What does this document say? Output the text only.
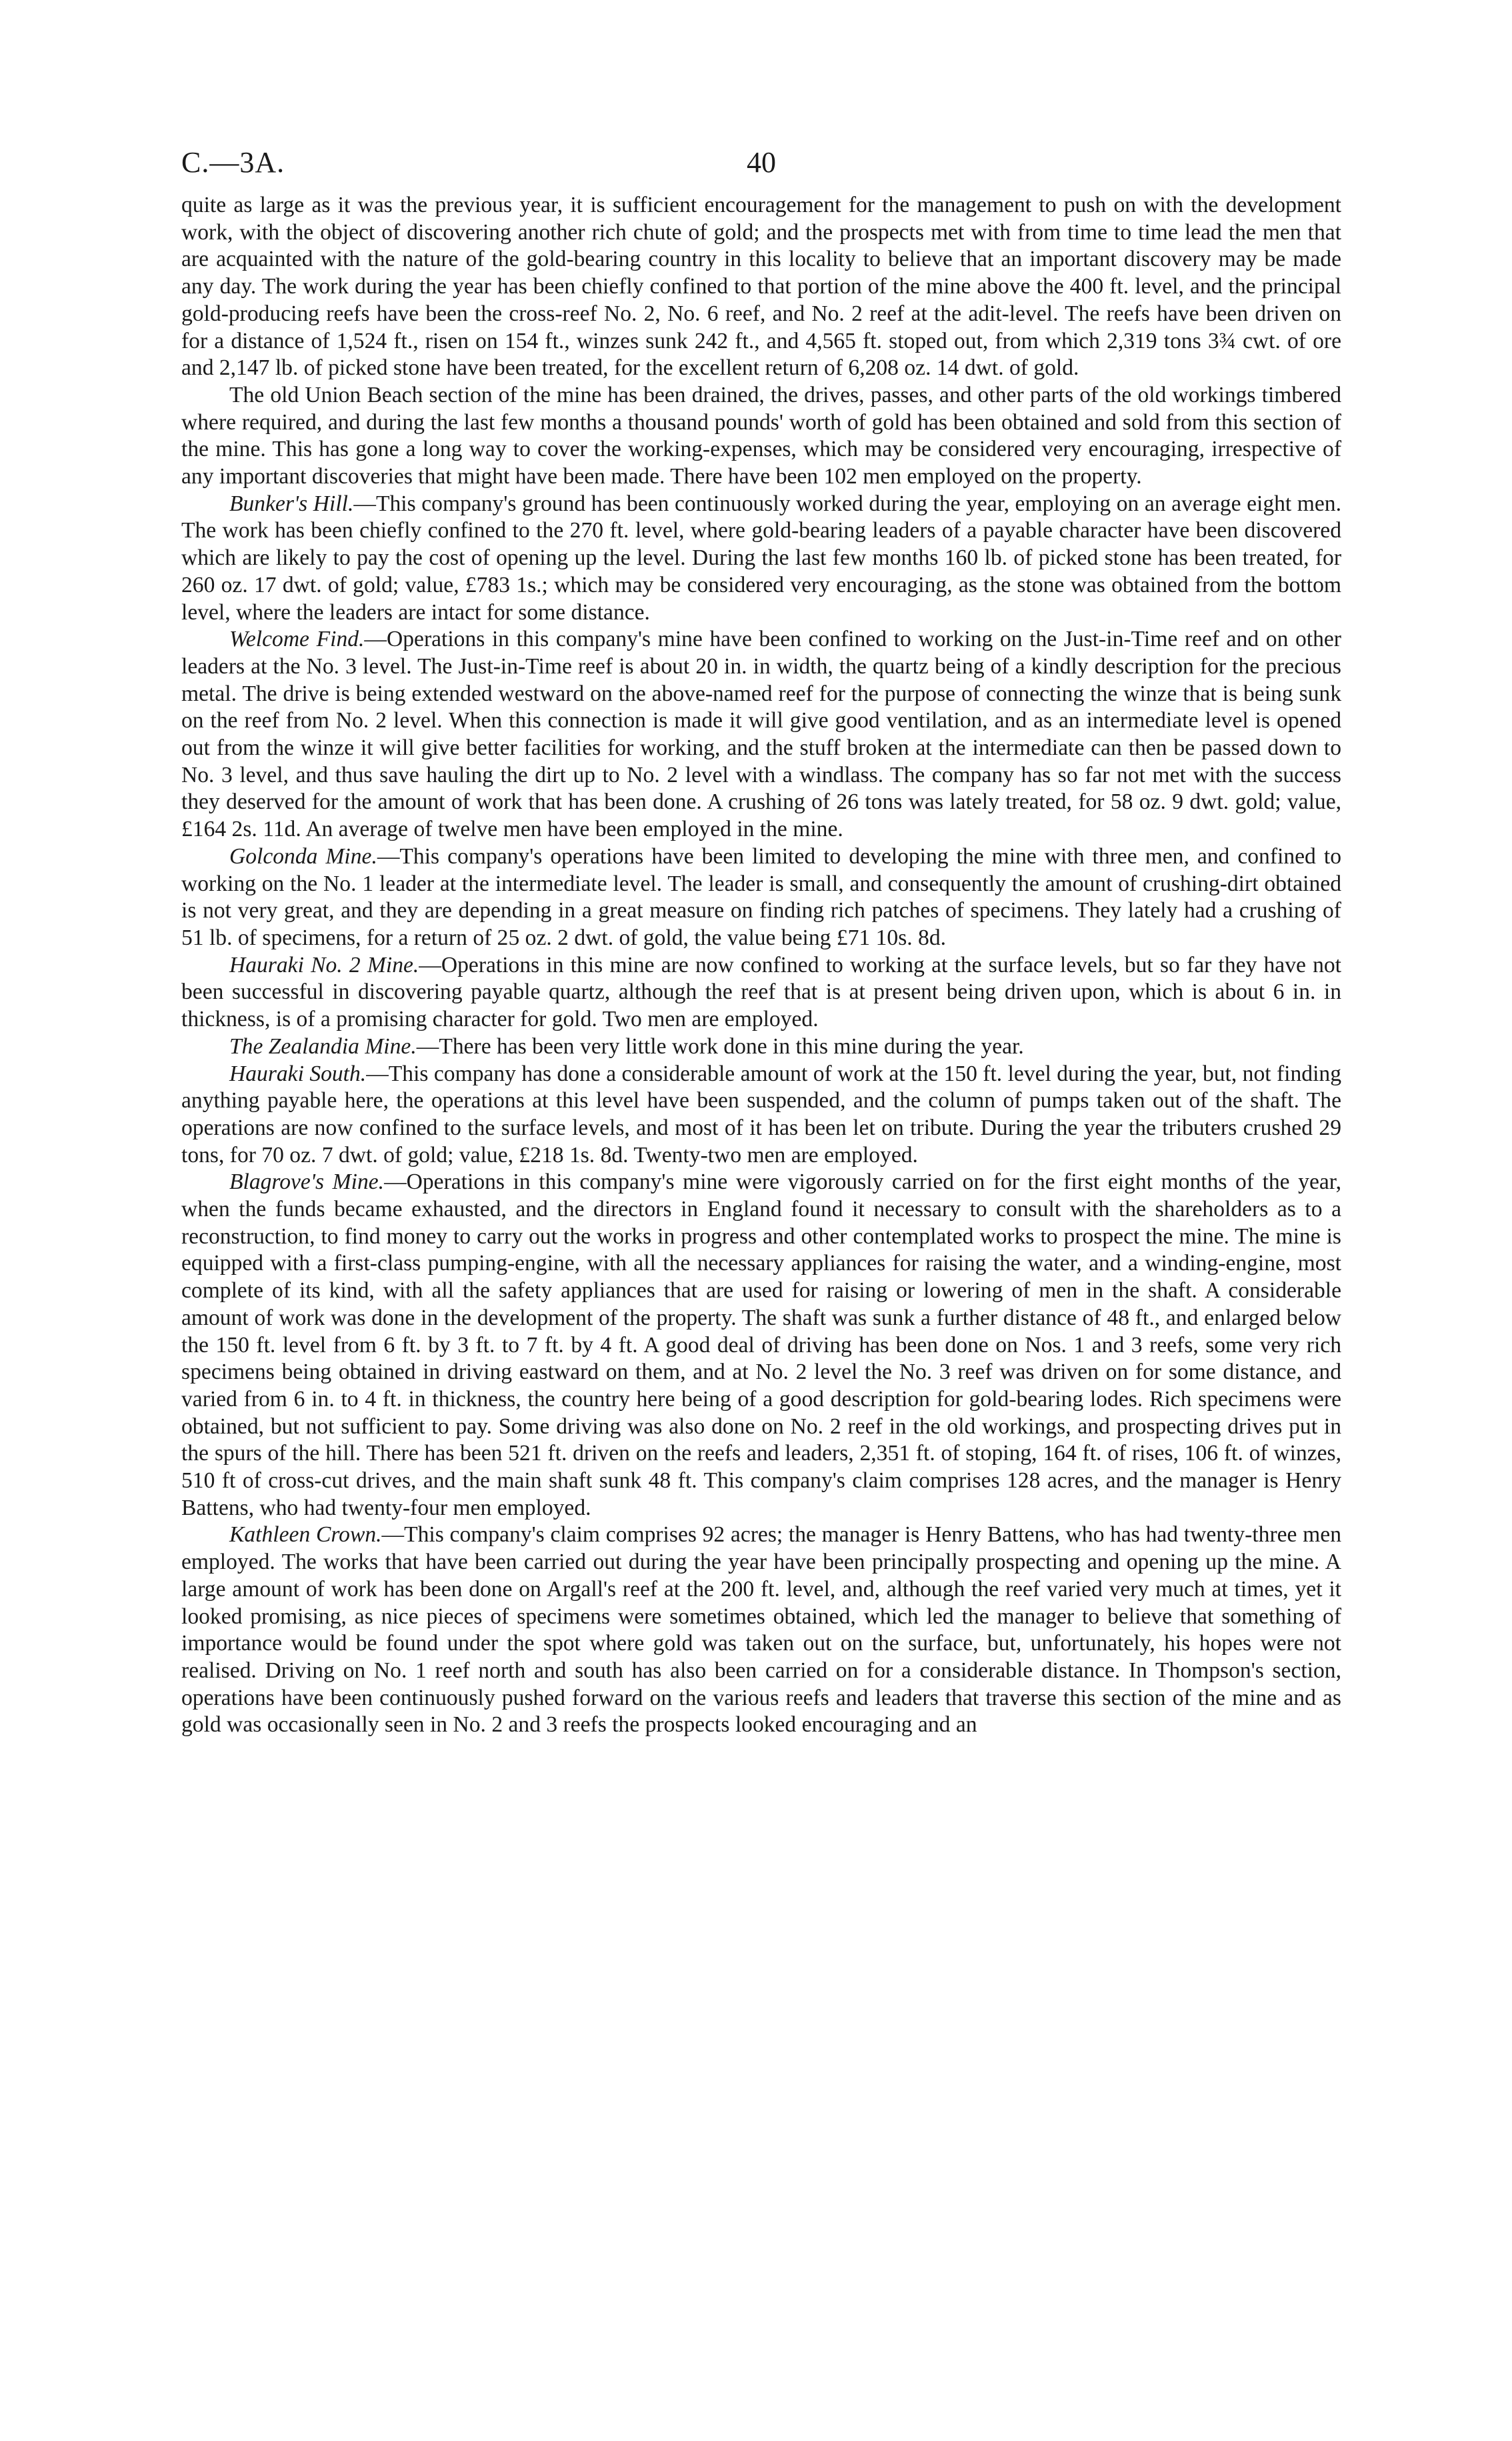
C.—3A.	40

quite as large as it was the previous year, it is sufficient encouragement for the management to push on with the development work, with the object of discovering another rich chute of gold; and the prospects met with from time to time lead the men that are acquainted with the nature of the gold-bearing country in this locality to believe that an important discovery may be made any day. The work during the year has been chiefly confined to that portion of the mine above the 400 ft. level, and the principal gold-producing reefs have been the cross-reef No. 2, No. 6 reef, and No. 2 reef at the adit-level. The reefs have been driven on for a distance of 1,524 ft., risen on 154 ft., winzes sunk 242 ft., and 4,565 ft. stoped out, from which 2,319 tons 3¾ cwt. of ore and 2,147 lb. of picked stone have been treated, for the excellent return of 6,208 oz. 14 dwt. of gold.

The old Union Beach section of the mine has been drained, the drives, passes, and other parts of the old workings timbered where required, and during the last few months a thousand pounds' worth of gold has been obtained and sold from this section of the mine. This has gone a long way to cover the working-expenses, which may be considered very encouraging, irrespective of any important discoveries that might have been made. There have been 102 men employed on the property.

Bunker's Hill.—This company's ground has been continuously worked during the year, employing on an average eight men. The work has been chiefly confined to the 270 ft. level, where gold-bearing leaders of a payable character have been discovered which are likely to pay the cost of opening up the level. During the last few months 160 lb. of picked stone has been treated, for 260 oz. 17 dwt. of gold; value, £783 1s.; which may be considered very encouraging, as the stone was obtained from the bottom level, where the leaders are intact for some distance.

Welcome Find.—Operations in this company's mine have been confined to working on the Just-in-Time reef and on other leaders at the No. 3 level. The Just-in-Time reef is about 20 in. in width, the quartz being of a kindly description for the precious metal. The drive is being extended westward on the above-named reef for the purpose of connecting the winze that is being sunk on the reef from No. 2 level. When this connection is made it will give good ventilation, and as an intermediate level is opened out from the winze it will give better facilities for working, and the stuff broken at the intermediate can then be passed down to No. 3 level, and thus save hauling the dirt up to No. 2 level with a windlass. The company has so far not met with the success they deserved for the amount of work that has been done. A crushing of 26 tons was lately treated, for 58 oz. 9 dwt. gold; value, £164 2s. 11d. An average of twelve men have been employed in the mine.

Golconda Mine.—This company's operations have been limited to developing the mine with three men, and confined to working on the No. 1 leader at the intermediate level. The leader is small, and consequently the amount of crushing-dirt obtained is not very great, and they are depending in a great measure on finding rich patches of specimens. They lately had a crushing of 51 lb. of specimens, for a return of 25 oz. 2 dwt. of gold, the value being £71 10s. 8d.

Hauraki No. 2 Mine.—Operations in this mine are now confined to working at the surface levels, but so far they have not been successful in discovering payable quartz, although the reef that is at present being driven upon, which is about 6 in. in thickness, is of a promising character for gold. Two men are employed.

The Zealandia Mine.—There has been very little work done in this mine during the year.

Hauraki South.—This company has done a considerable amount of work at the 150 ft. level during the year, but, not finding anything payable here, the operations at this level have been suspended, and the column of pumps taken out of the shaft. The operations are now confined to the surface levels, and most of it has been let on tribute. During the year the tributers crushed 29 tons, for 70 oz. 7 dwt. of gold; value, £218 1s. 8d. Twenty-two men are employed.

Blagrove's Mine.—Operations in this company's mine were vigorously carried on for the first eight months of the year, when the funds became exhausted, and the directors in England found it necessary to consult with the shareholders as to a reconstruction, to find money to carry out the works in progress and other contemplated works to prospect the mine. The mine is equipped with a first-class pumping-engine, with all the necessary appliances for raising the water, and a winding-engine, most complete of its kind, with all the safety appliances that are used for raising or lowering of men in the shaft. A considerable amount of work was done in the development of the property. The shaft was sunk a further distance of 48 ft., and enlarged below the 150 ft. level from 6 ft. by 3 ft. to 7 ft. by 4 ft. A good deal of driving has been done on Nos. 1 and 3 reefs, some very rich specimens being obtained in driving eastward on them, and at No. 2 level the No. 3 reef was driven on for some distance, and varied from 6 in. to 4 ft. in thickness, the country here being of a good description for gold-bearing lodes. Rich specimens were obtained, but not sufficient to pay. Some driving was also done on No. 2 reef in the old workings, and prospecting drives put in the spurs of the hill. There has been 521 ft. driven on the reefs and leaders, 2,351 ft. of stoping, 164 ft. of rises, 106 ft. of winzes, 510 ft of cross-cut drives, and the main shaft sunk 48 ft. This company's claim comprises 128 acres, and the manager is Henry Battens, who had twenty-four men employed.

Kathleen Crown.—This company's claim comprises 92 acres; the manager is Henry Battens, who has had twenty-three men employed. The works that have been carried out during the year have been principally prospecting and opening up the mine. A large amount of work has been done on Argall's reef at the 200 ft. level, and, although the reef varied very much at times, yet it looked promising, as nice pieces of specimens were sometimes obtained, which led the manager to believe that something of importance would be found under the spot where gold was taken out on the surface, but, unfortunately, his hopes were not realised. Driving on No. 1 reef north and south has also been carried on for a considerable distance. In Thompson's section, operations have been continuously pushed forward on the various reefs and leaders that traverse this section of the mine and as gold was occasionally seen in No. 2 and 3 reefs the prospects looked encouraging and an
